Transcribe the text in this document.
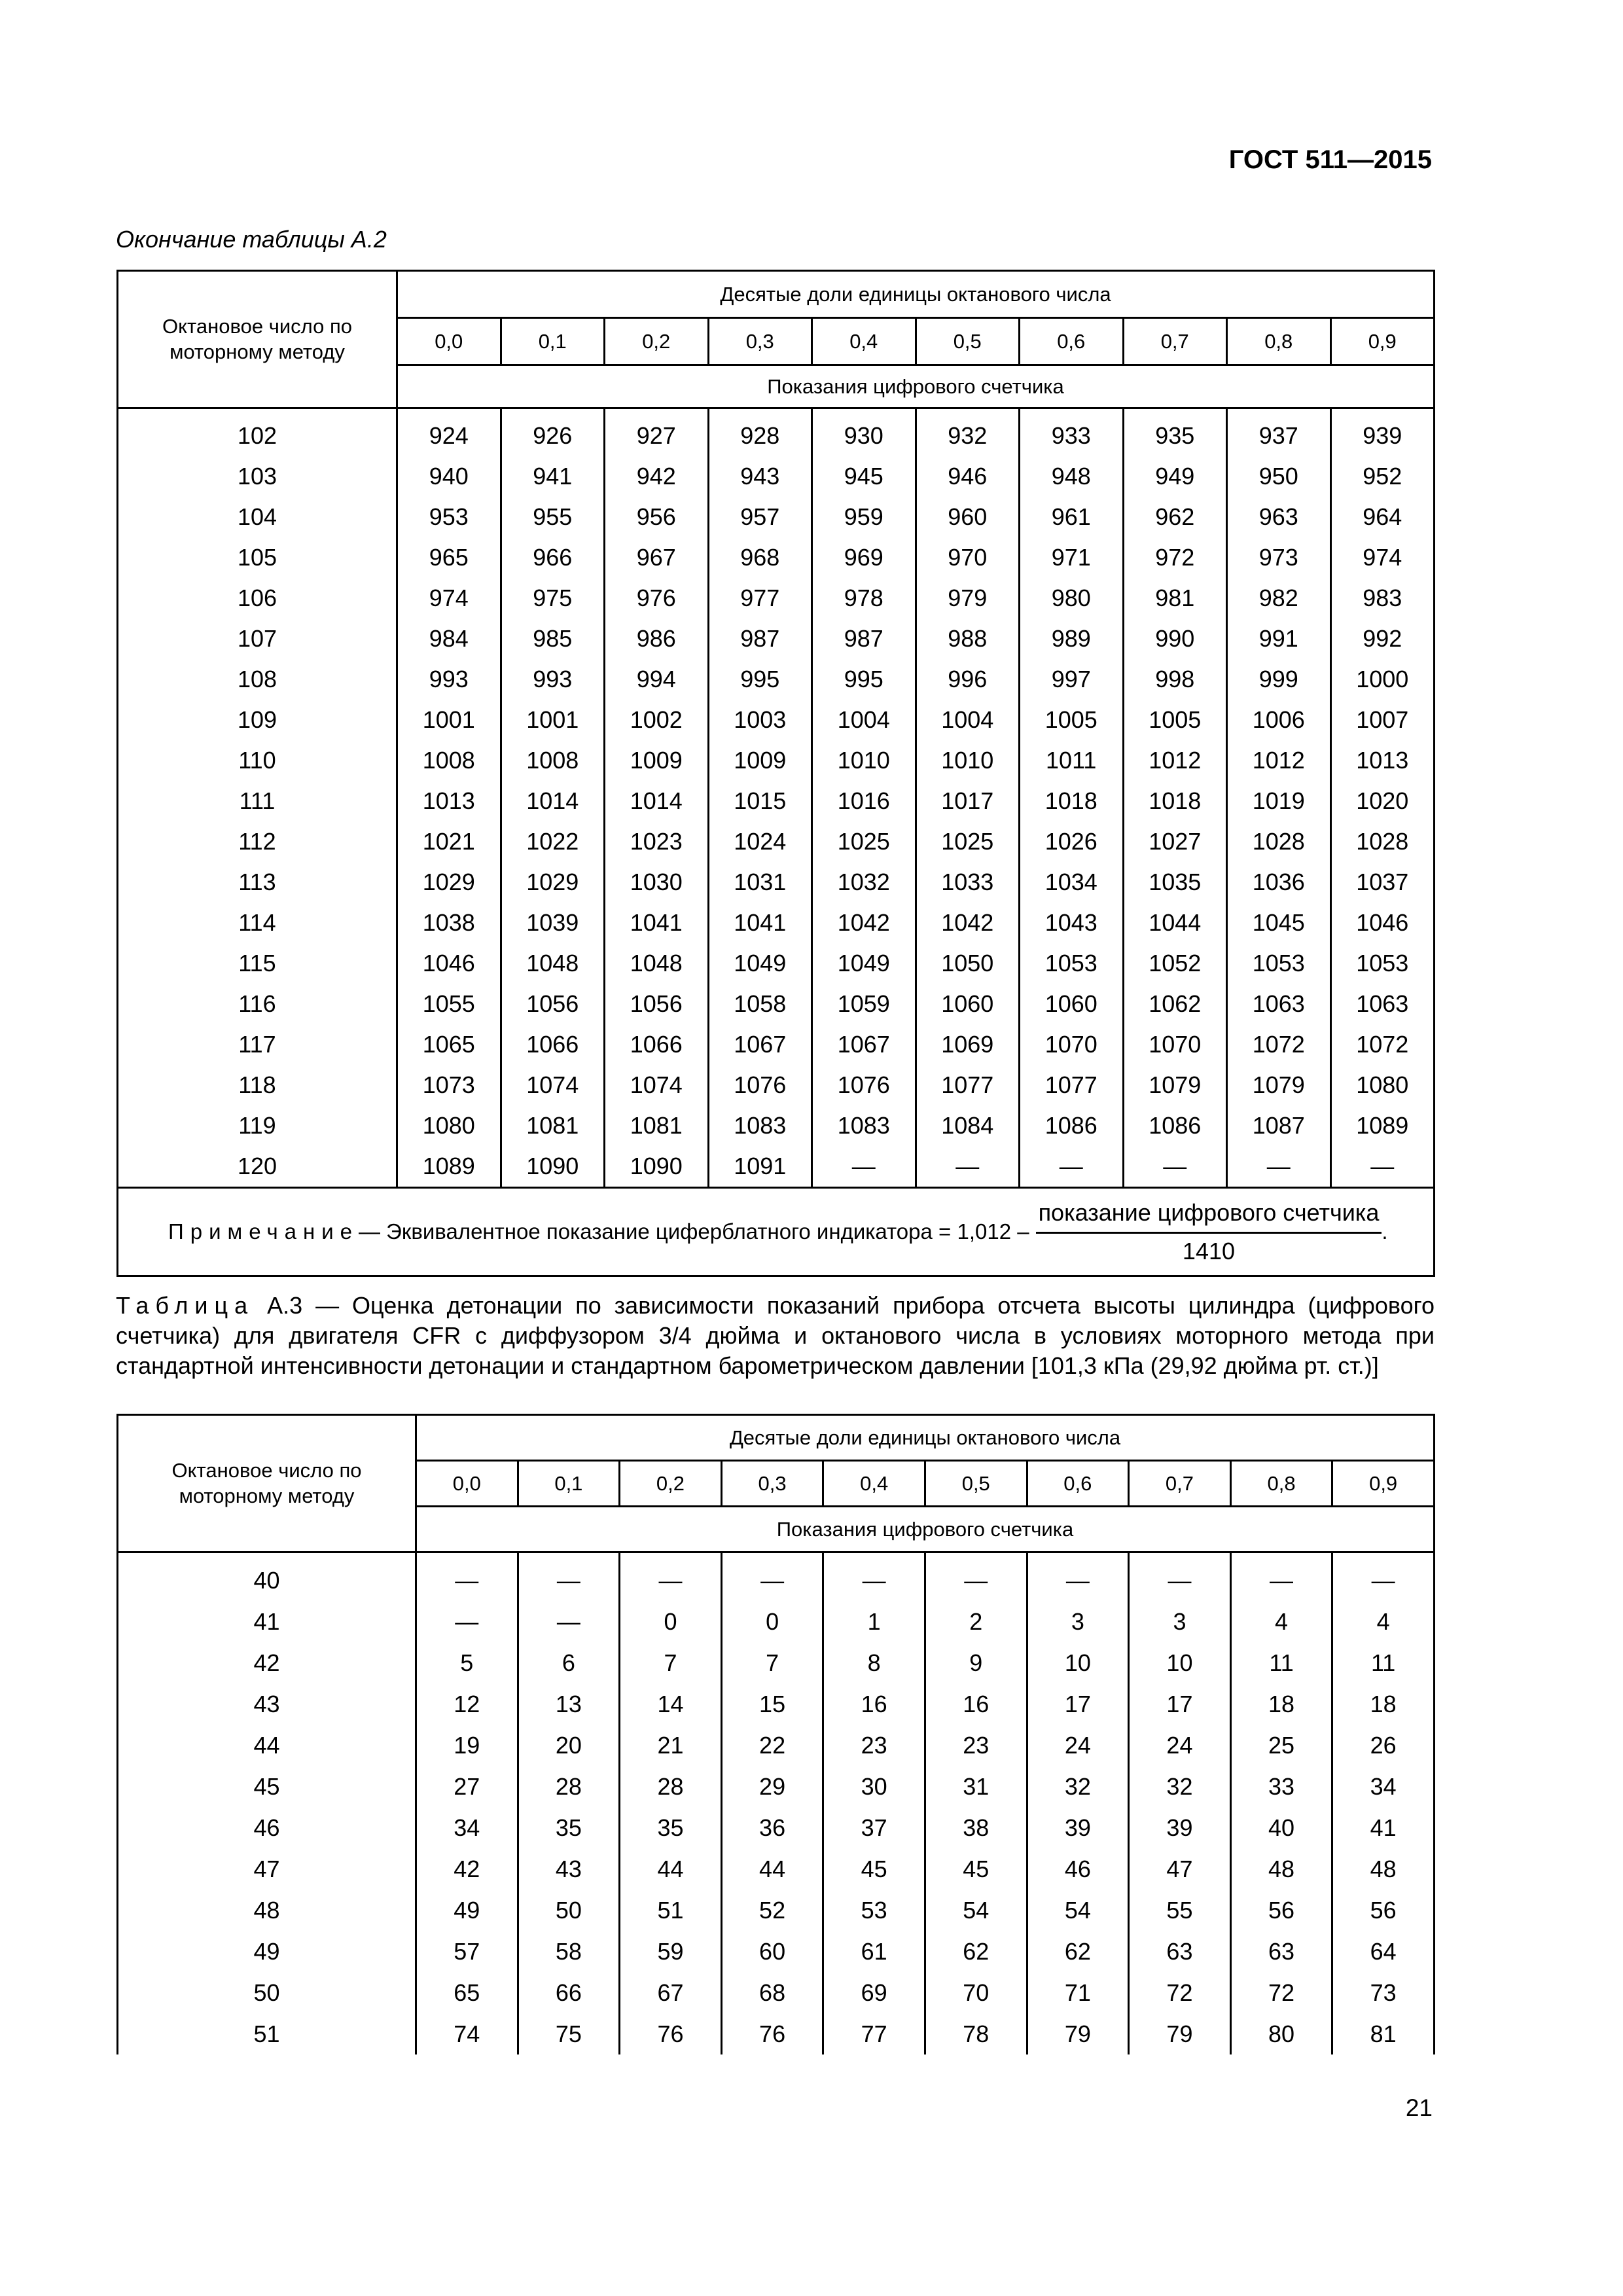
ГОСТ 511—2015
Окончание таблицы А.2
Октановое число по моторному методу	Десятые доли единицы октанового числа									
	0,0	0,1	0,2	0,3	0,4	0,5	0,6	0,7	0,8	0,9
	Показания цифрового счетчика									

102	924	926	927	928	930	932	933	935	937	939
103	940	941	942	943	945	946	948	949	950	952
104	953	955	956	957	959	960	961	962	963	964
105	965	966	967	968	969	970	971	972	973	974
106	974	975	976	977	978	979	980	981	982	983
107	984	985	986	987	987	988	989	990	991	992
108	993	993	994	995	995	996	997	998	999	1000
109	1001	1001	1002	1003	1004	1004	1005	1005	1006	1007
110	1008	1008	1009	1009	1010	1010	1011	1012	1012	1013
111	1013	1014	1014	1015	1016	1017	1018	1018	1019	1020
112	1021	1022	1023	1024	1025	1025	1026	1027	1028	1028
113	1029	1029	1030	1031	1032	1033	1034	1035	1036	1037
114	1038	1039	1041	1041	1042	1042	1043	1044	1045	1046
115	1046	1048	1048	1049	1049	1050	1053	1052	1053	1053
116	1055	1056	1056	1058	1059	1060	1060	1062	1063	1063
117	1065	1066	1066	1067	1067	1069	1070	1070	1072	1072
118	1073	1074	1074	1076	1076	1077	1077	1079	1079	1080
119	1080	1081	1081	1083	1083	1084	1086	1086	1087	1089
120	1089	1090	1090	1091	—	—	—	—	—	—

Примечание — Эквивалентное показание циферблатного индикатора = $1,012 - \frac{\text{показание цифрового счетчика}}{1410}$ .										
Таблица А.3 — Оценка детонации по зависимости показаний прибора отсчета высоты цилиндра (цифрового счетчика) для двигателя CFR с диффузором 3/4 дюйма и октанового числа в условиях моторного метода при стандартной интенсивности детонации и стандартном барометрическом давлении [101,3 кПа (29,92 дюйма рт. ст.)]
Октановое число по моторному методу	Десятые доли единицы октанового числа									
	0,0	0,1	0,2	0,3	0,4	0,5	0,6	0,7	0,8	0,9
	Показания цифрового счетчика									

40	—	—	—	—	—	—	—	—	—	—
41	—	—	0	0	1	2	3	3	4	4
42	5	6	7	7	8	9	10	10	11	11
43	12	13	14	15	16	16	17	17	18	18
44	19	20	21	22	23	23	24	24	25	26
45	27	28	28	29	30	31	32	32	33	34
46	34	35	35	36	37	38	39	39	40	41
47	42	43	44	44	45	45	46	47	48	48
48	49	50	51	52	53	54	54	55	56	56
49	57	58	59	60	61	62	62	63	63	64
50	65	66	67	68	69	70	71	72	72	73
51	74	75	76	76	77	78	79	79	80	81
21
